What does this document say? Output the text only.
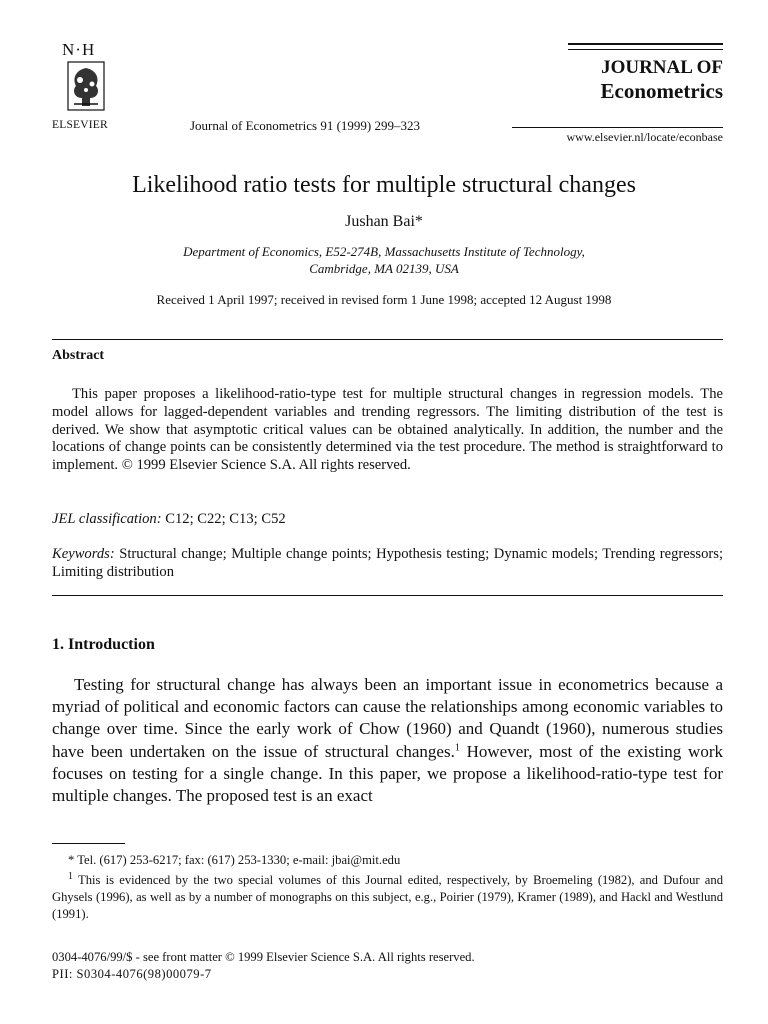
N·H
ELSEVIER	Journal of Econometrics 91 (1999) 299–323
JOURNAL OF
Econometrics
www.elsevier.nl/locate/econbase
Likelihood ratio tests for multiple structural changes
Jushan Bai*
Department of Economics, E52-274B, Massachusetts Institute of Technology,
Cambridge, MA 02139, USA
Received 1 April 1997; received in revised form 1 June 1998; accepted 12 August 1998
Abstract
This paper proposes a likelihood-ratio-type test for multiple structural changes in regression models. The model allows for lagged-dependent variables and trending regressors. The limiting distribution of the test is derived. We show that asymptotic critical values can be obtained analytically. In addition, the number and the locations of change points can be consistently determined via the test procedure. The method is straightforward to implement. © 1999 Elsevier Science S.A. All rights reserved.
JEL classification: C12; C22; C13; C52
Keywords: Structural change; Multiple change points; Hypothesis testing; Dynamic models; Trending regressors; Limiting distribution
1. Introduction
Testing for structural change has always been an important issue in econometrics because a myriad of political and economic factors can cause the relationships among economic variables to change over time. Since the early work of Chow (1960) and Quandt (1960), numerous studies have been undertaken on the issue of structural changes.$^1$ However, most of the existing work focuses on testing for a single change. In this paper, we propose a likelihood-ratio-type test for multiple changes. The proposed test is an exact
* Tel. (617) 253-6217; fax: (617) 253-1330; e-mail: jbai@mit.edu
$^1$ This is evidenced by the two special volumes of this Journal edited, respectively, by Broemeling (1982), and Dufour and Ghysels (1996), as well as by a number of monographs on this subject, e.g., Poirier (1979), Kramer (1989), and Hackl and Westlund (1991).
0304-4076/99/$ - see front matter © 1999 Elsevier Science S.A. All rights reserved.
PII: S0304-4076(98)00079-7
